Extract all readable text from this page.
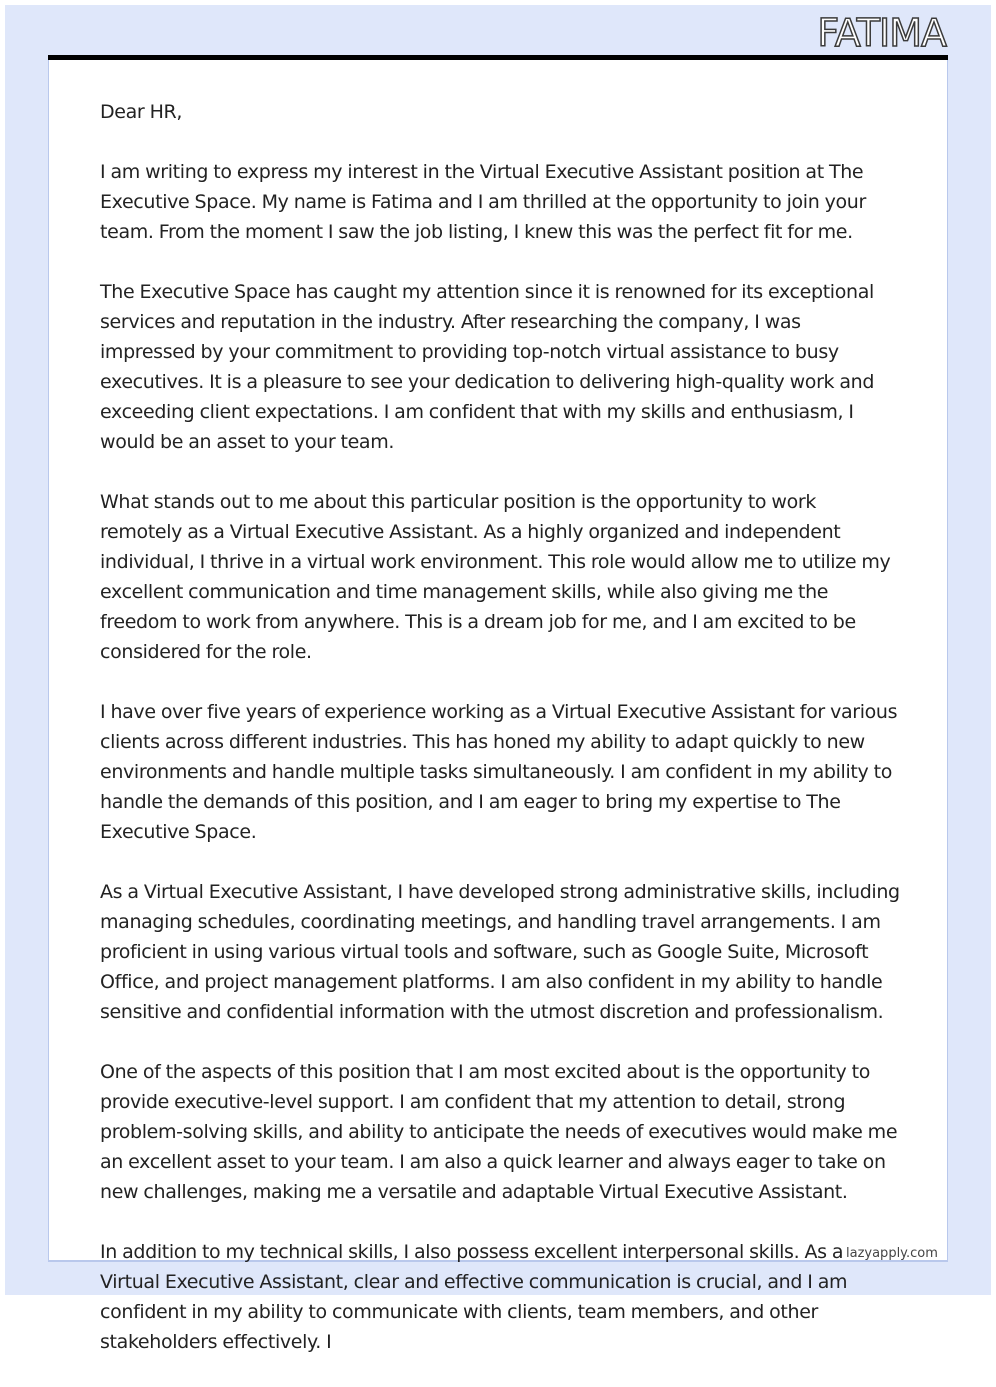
FATIMA

Dear HR,

I am writing to express my interest in the Virtual Executive Assistant position at The Executive Space. My name is Fatima and I am thrilled at the opportunity to join your team. From the moment I saw the job listing, I knew this was the perfect fit for me.

The Executive Space has caught my attention since it is renowned for its exceptional services and reputation in the industry. After researching the company, I was impressed by your commitment to providing top-notch virtual assistance to busy executives. It is a pleasure to see your dedication to delivering high-quality work and exceeding client expectations. I am confident that with my skills and enthusiasm, I would be an asset to your team.

What stands out to me about this particular position is the opportunity to work remotely as a Virtual Executive Assistant. As a highly organized and independent individual, I thrive in a virtual work environment. This role would allow me to utilize my excellent communication and time management skills, while also giving me the freedom to work from anywhere. This is a dream job for me, and I am excited to be considered for the role.

I have over five years of experience working as a Virtual Executive Assistant for various clients across different industries. This has honed my ability to adapt quickly to new environments and handle multiple tasks simultaneously. I am confident in my ability to handle the demands of this position, and I am eager to bring my expertise to The Executive Space.

As a Virtual Executive Assistant, I have developed strong administrative skills, including managing schedules, coordinating meetings, and handling travel arrangements. I am proficient in using various virtual tools and software, such as Google Suite, Microsoft Office, and project management platforms. I am also confident in my ability to handle sensitive and confidential information with the utmost discretion and professionalism.

One of the aspects of this position that I am most excited about is the opportunity to provide executive-level support. I am confident that my attention to detail, strong problem-solving skills, and ability to anticipate the needs of executives would make me an excellent asset to your team. I am also a quick learner and always eager to take on new challenges, making me a versatile and adaptable Virtual Executive Assistant.

In addition to my technical skills, I also possess excellent interpersonal skills. As a Virtual Executive Assistant, clear and effective communication is crucial, and I am confident in my ability to communicate with clients, team members, and other stakeholders effectively. I

lazyapply.com
